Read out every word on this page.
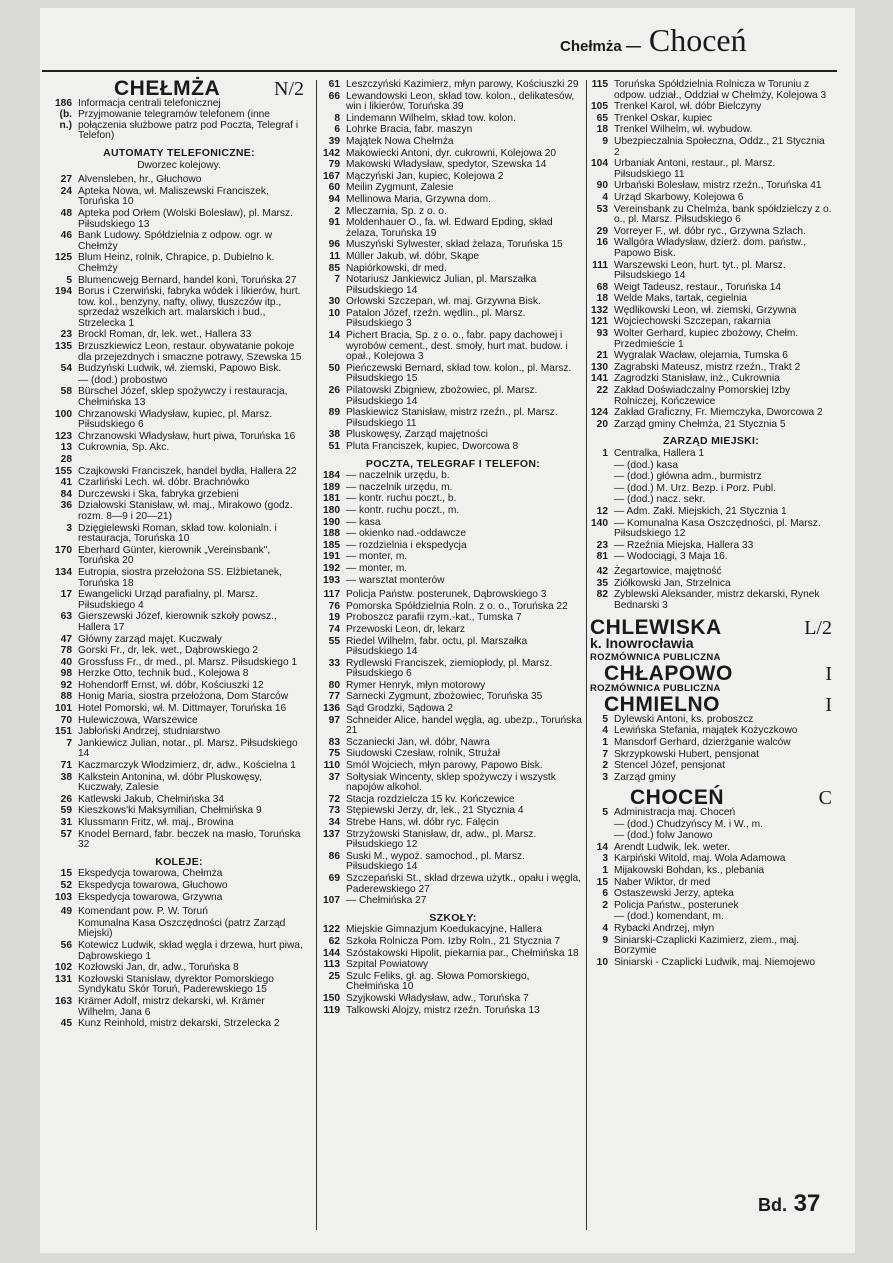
Chełmża — Choceń
CHEŁMŻA	N/2
186 Informacja centrali telefonicznej
(b. n.)
Przyjmowanie telegramów telefonem (inne połączenia służbowe patrz pod Poczta, Telegraf i Telefon)
AUTOMATY TELEFONICZNE:
Dworzec kolejowy.
27 Alvensleben, hr., Głuchowo
24 Apteka Nowa, wł. Maliszewski Franciszek, Toruńska 10
48 Apteka pod Orłem (Wolski Bolesław), pl. Marsz. Piłsudskiego 13
46 Bank Ludowy. Spółdzielnia z odpow. ogr. w Chełmży
125 Blum Heinz, rolnik, Chrapice, p. Dubielno k. Chełmży
5 Blumencwejg Bernard, handel koni, Toruńska 27
194 Borus i Czerwiński, fabryka wódek i likierów, hurt. tow. kol., benzyny, nafty, oliwy, tłuszczów itp., sprzedaż wszelkich art. malarskich i bud., Strzelecka 1
23 Brockl Roman, dr, lek. wet., Hallera 33
135 Brzuszkiewicz Leon, restaur. obywatanie pokoje dla przejezdnych i smaczne potrawy, Szewska 15
54 Budzyński Ludwik, wł. ziemski, Papowo Bisk.
— (dod.) probostwo
58 Bürschel Józef, sklep spożywczy i restauracja, Chełmińska 13
100 Chrzanowski Władysław, kupiec, pl. Marsz. Piłsudskiego 6
123 Chrzanowski Władysław, hurt piwa, Toruńska 16
13 Cukrownia, Sp. Akc.
28
155 Czajkowski Franciszek, handel bydła, Hallera 22
41 Czarliński Lech. wł. dóbr. Brachnówko
84 Durczewski i Ska, fabryka grzebieni
36 Działowski Stanisław, wł. maj., Mirakowo (godz. rozm. 8—9 i 20—21)
3 Dzięgielewski Roman, skład tow. kolonialn. i restauracja, Toruńska 10
170 Eberhard Günter, kierownik „Vereinsbank", Toruńska 20
134 Eutropia, siostra przełożona SS. Elżbietanek, Toruńska 18
17 Ewangelicki Urząd parafialny, pl. Marsz. Piłsudskiego 4
63 Gierszewski Józef, kierownik szkoły powsz., Hallera 17
47 Główny zarząd majęt. Kuczwały
78 Gorski Fr., dr, lek. wet., Dąbrowskiego 2
40 Grossfuss Fr., dr med., pl. Marsz. Piłsudskiego 1
98 Herzke Otto, technik bud., Kolejowa 8
92 Hohendorff Ernst, wł. dóbr, Kościuszki 12
88 Honig Maria, siostra przełożona, Dom Starców
101 Hotel Pomorski, wł. M. Dittmayer, Toruńska 16
70 Hulewiczowa, Warszewice
151 Jabłoński Andrzej, studniarstwo
7 Jankiewicz Julian, notar., pl. Marsz. Piłsudskiego 14
71 Kaczmarczyk Włodzimierz, dr, adw., Kościelna 1
38 Kalkstein Antonina, wł. dóbr Pluskowęsy, Kuczwały, Zalesie
26 Katlewski Jakub, Chełmińska 34
59 Kieszkows'ki Maksymilian, Chełmińska 9
31 Klussmann Fritz, wł. maj., Browina
57 Knodel Bernard, fabr. beczek na masło, Toruńska 32
KOLEJE:
15 Ekspedycja towarowa, Chełmża
52 Ekspedycja towarowa, Głuchowo
103 Ekspedycja towarowa, Grzywna
49 Komendant pow. P. W. Toruń
Komunalna Kasa Oszczędności (patrz Zarząd Miejski)
56 Kotewicz Ludwik, skład węgla i drzewa, hurt piwa, Dąbrowskiego 1
102 Kozłowski Jan, dr, adw., Toruńska 8
131 Kozłowski Stanisław, dyrektor Pomorskiego Syndykatu Skór Toruń, Paderewskiego 15
163 Krämer Adolf, mistrz dekarski, wł. Krämer Wilhelm, Jana 6
45 Kunz Reinhold, mistrz dekarski, Strzelecka 2
61 Leszczyński Kazimierz, młyn parowy, Kościuszki 29
66 Lewandowski Leon, skład tow. kolon., delikatesów, win i likierów, Toruńska 39
8 Lindemann Wilhelm, skład tow. kolon.
6 Lohrke Bracia, fabr. maszyn
39 Majątek Nowa Chełmża
142 Makowiecki Antoni, dyr. cukrowni, Kolejowa 20
79 Makowski Władysław, spedytor, Szewska 14
167 Mączyński Jan, kupiec, Kolejowa 2
60 Meilin Zygmunt, Zalesie
94 Mellinowa Maria, Grzywna dom.
2 Mleczarnia, Sp. z o. o.
91 Moldenhauer O., fa. wł. Edward Epding, skład żelaza, Toruńska 19
96 Muszyński Sylwester, skład żelaza, Toruńska 15
11 Müller Jakub, wł. dóbr, Skąpe
85 Napiórkowski, dr med.
7 Notariusz Jankiewicz Julian, pl. Marszałka Piłsudskiego 14
30 Orłowski Szczepan, wł. maj. Grzywna Bisk.
10 Patalon Józef, rzeźn. wędlin., pl. Marsz. Piłsudskiego 3
14 Pichert Bracia, Sp. z o. o., fabr. papy dachowej i wyrobów cement., dest. smoły, hurt mat. budow. i opał., Kolejowa 3
50 Pieńczewski Bernard, skład tow. kolon., pl. Marsz. Piłsudskiego 15
26 Pilatowski Zbigniew, zbożowiec, pl. Marsz. Piłsudskiego 14
89 Plaskiewicz Stanisław, mistrz rzeźn., pl. Marsz. Piłsudskiego 11
38 Pluskowęsy, Zarząd majętności
51 Pluta Franciszek, kupiec, Dworcowa 8
POCZTA, TELEGRAF I TELEFON:
184 — naczelnik urzędu, b.
189 — naczelnik urzędu, m.
181 — kontr. ruchu poczt., b.
180 — kontr. ruchu poczt., m.
190 — kasa
188 — okienko nad.-oddawcze
185 — rozdzielnia i ekspedycja
191 — monter, m.
192 — monter, m.
193 — warsztat monterów
117 Policja Państw. posterunek, Dąbrowskiego 3
76 Pomorska Spółdzielnia Roln. z o. o., Toruńska 22
19 Proboszcz parafii rzym.-kat., Tumska 7
74 Przewoski Leon, dr, lekarz
55 Riedel Wilhelm, fabr. octu, pl. Marszałka Piłsudskiego 14
33 Rydlewski Franciszek, ziemiopłody, pl. Marsz. Piłsudskiego 6
80 Rymer Henryk, młyn motorowy
77 Sarnecki Zygmunt, zbożowiec, Toruńska 35
136 Sąd Grodzki, Sądowa 2
97 Schneider Alice, handel węgla, ag. ubezp., Toruńska 21
83 Sczaniecki Jan, wł. dóbr, Nawra
75 Siudowski Czesław, rolnik, Strużał
110 Smól Wojciech, młyn parowy, Papowo Bisk.
37 Sołtysiak Wincenty, sklep spożywczy i wszystk napojów alkohol.
72 Stacja rozdzielcza 15 kv. Kończewice
73 Stępiewski Jerzy, dr, lek., 21 Stycznia 4
34 Strebe Hans, wł. dóbr ryc. Falęcin
137 Strzyżowski Stanisław, dr, adw., pl. Marsz. Piłsudskiego 12
86 Suski M., wypoż. samochod., pl. Marsz. Piłsudskiego 14
69 Szczepański St., skład drzewa użytk., opału i węgla, Paderewskiego 27
107 — Chełmińska 27
SZKOŁY:
122 Miejskie Gimnazjum Koedukacyjne, Hallera
62 Szkoła Rolnicza Pom. Izby Roln., 21 Stycznia 7
144 Szóstakowski Hipolit, piekarnia par., Chełmińska 18
113 Szpital Powiatowy
25 Szulc Feliks, gł. ag. Słowa Pomorskiego, Chełmińska 10
150 Szyjkowski Władysław, adw., Toruńska 7
119 Talkowski Alojzy, mistrz rzeźn. Toruńska 13
115 Toruńska Spółdzielnia Rolnicza w Toruniu z odpow. udział., Oddział w Chełmży, Kolejowa 3
105 Trenkel Karol, wł. dóbr Bielczyny
65 Trenkel Oskar, kupiec
18 Trenkel Wilhelm, wł. wybudow.
9 Ubezpieczalnia Społeczna, Oddz., 21 Stycznia 2
104 Urbaniak Antoni, restaur., pl. Marsz. Piłsudskiego 11
90 Urbański Bolesław, mistrz rzeźn., Toruńska 41
4 Urząd Skarbowy, Kolejowa 6
53 Vereinsbank zu Chelmża, bank spółdzielczy z o. o., pl. Marsz. Piłsudskiego 6
29 Vorreyer F., wł. dóbr ryc., Grzywna Szlach.
16 Wallgóra Władysław, dzierż. dom. państw., Papowo Bisk.
111 Warszewski Leon, hurt. tyt., pl. Marsz. Piłsudskiego 14
68 Weigt Tadeusz, restaur., Toruńska 14
18 Welde Maks, tartak, cegielnia
132 Wędlikowski Leon, wł. ziemski, Grzywna
121 Wojciechowski Szczepan, rakarnia
93 Wolter Gerhard, kupiec zbożowy, Chełm. Przedmieście 1
21 Wygralak Wacław, olejarnia, Tumska 6
130 Zagrabski Mateusz, mistrz rzeźn., Trakt 2
141 Zagrodzki Stanisław, inż., Cukrownia
22 Zakład Doświadczalny Pomorskiej Izby Rolniczej, Kończewice
124 Zakład Graficzny, Fr. Miemczyka, Dworcowa 2
20 Zarząd gminy Chełmża, 21 Stycznia 5
ZARZĄD MIEJSKI:
1 Centralka, Hallera 1
— (dod.) kasa
— (dod.) główna adm., burmistrz
— (dod.) M. Urz. Bezp. i Porz. Publ.
— (dod.) nacz. sekr.
12 — Adm. Zakł. Miejskich, 21 Stycznia 1
140 — Komunalna Kasa Oszczędności, pl. Marsz. Piłsudskiego 12
23 — Rzeźnia Miejska, Hallera 33
81 — Wodociągi, 3 Maja 16.
42 Żegartowice, majętność
35 Ziółkowski Jan, Strzelnica
82 Zyblewski Aleksander, mistrz dekarski, Rynek Bednarski 3
CHLEWISKA	L/2
k. Inowrocławia
ROZMÓWNICA PUBLICZNA
CHŁAPOWO	I
ROZMÓWNICA PUBLICZNA
CHMIELNO	I
5 Dylewski Antoni, ks. proboszcz
4 Lewińska Stefania, majątek Kożyczkowo
1 Mansdorf Gerhard, dzierżganie walców
7 Skrzypkowski Hubert, pensjonat
2 Stencel Józef, pensjonat
3 Zarząd gminy
CHOCEŃ	C
5 Administracja maj. Choceń
— (dod.) Chudzyńscy M. i W., m.
— (dod.) folw Janowo
14 Arendt Ludwik, lek. weter.
3 Karpiński Witold, maj. Wola Adamowa
1 Mijakowski Bohdan, ks., plebania
15 Naber Wiktor, dr med
6 Ostaszewski Jerzy, apteka
2 Policja Państw., posterunek
— (dod.) komendant, m.
4 Rybacki Andrzej, młyn
9 Siniarski-Czaplicki Kazimierz, ziem., maj. Borzymie
10 Siniarski - Czaplicki Ludwik, maj. Niemojewo
Bd. 37
